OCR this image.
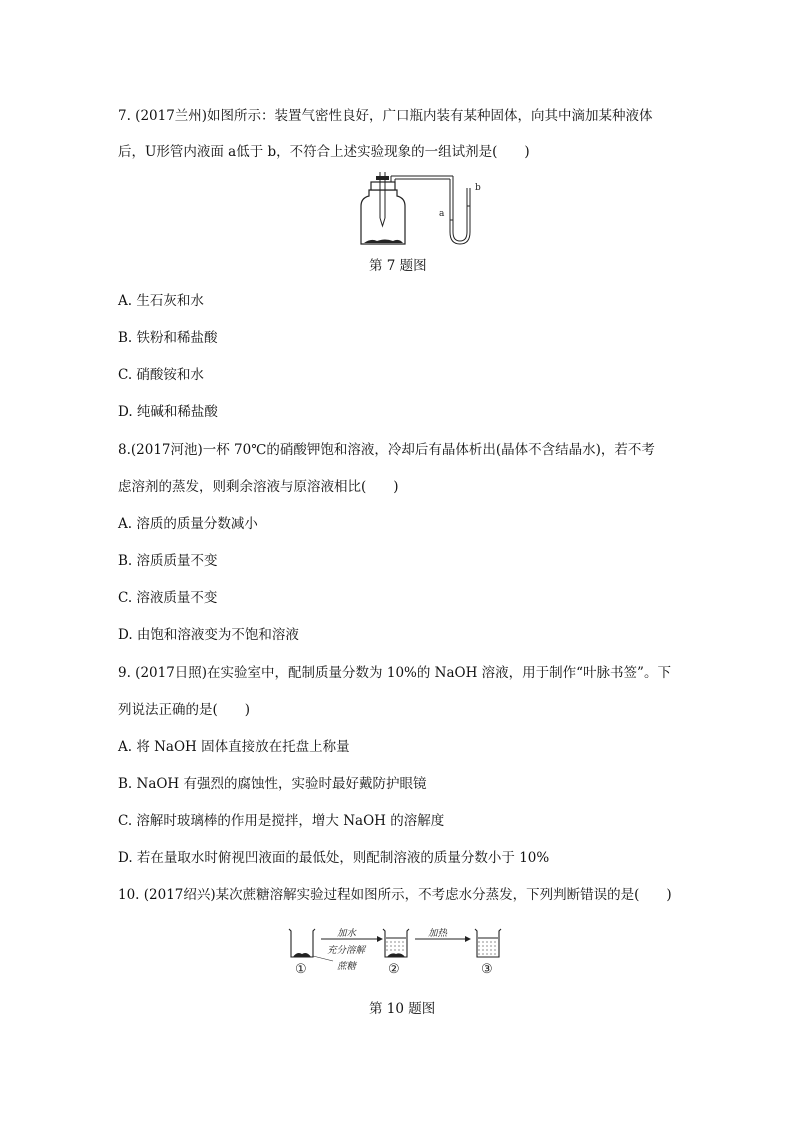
7. (2017兰州)如图所示：装置气密性良好，广口瓶内装有某种固体，向其中滴加某种液体
后，U形管内液面 a低于 b，不符合上述实验现象的一组试剂是(　　)
a
b
第 7 题图
A. 生石灰和水
B. 铁粉和稀盐酸
C. 硝酸铵和水
D. 纯碱和稀盐酸
8.(2017河池)一杯 70℃的硝酸钾饱和溶液，冷却后有晶体析出(晶体不含结晶水)，若不考
虑溶剂的蒸发，则剩余溶液与原溶液相比(　　)
A. 溶质的质量分数减小
B. 溶质质量不变
C. 溶液质量不变
D. 由饱和溶液变为不饱和溶液
9. (2017日照)在实验室中，配制质量分数为 10%的 NaOH 溶液，用于制作“叶脉书签”。下
列说法正确的是(　　)
A. 将 NaOH 固体直接放在托盘上称量
B. NaOH 有强烈的腐蚀性，实验时最好戴防护眼镜
C. 溶解时玻璃棒的作用是搅拌，增大 NaOH 的溶解度
D. 若在量取水时俯视凹液面的最低处，则配制溶液的质量分数小于 10%
10. (2017绍兴)某次蔗糖溶解实验过程如图所示，不考虑水分蒸发，下列判断错误的是(　　)
①
加水
充分溶解
蔗糖 ②
加热
③
第 10 题图
